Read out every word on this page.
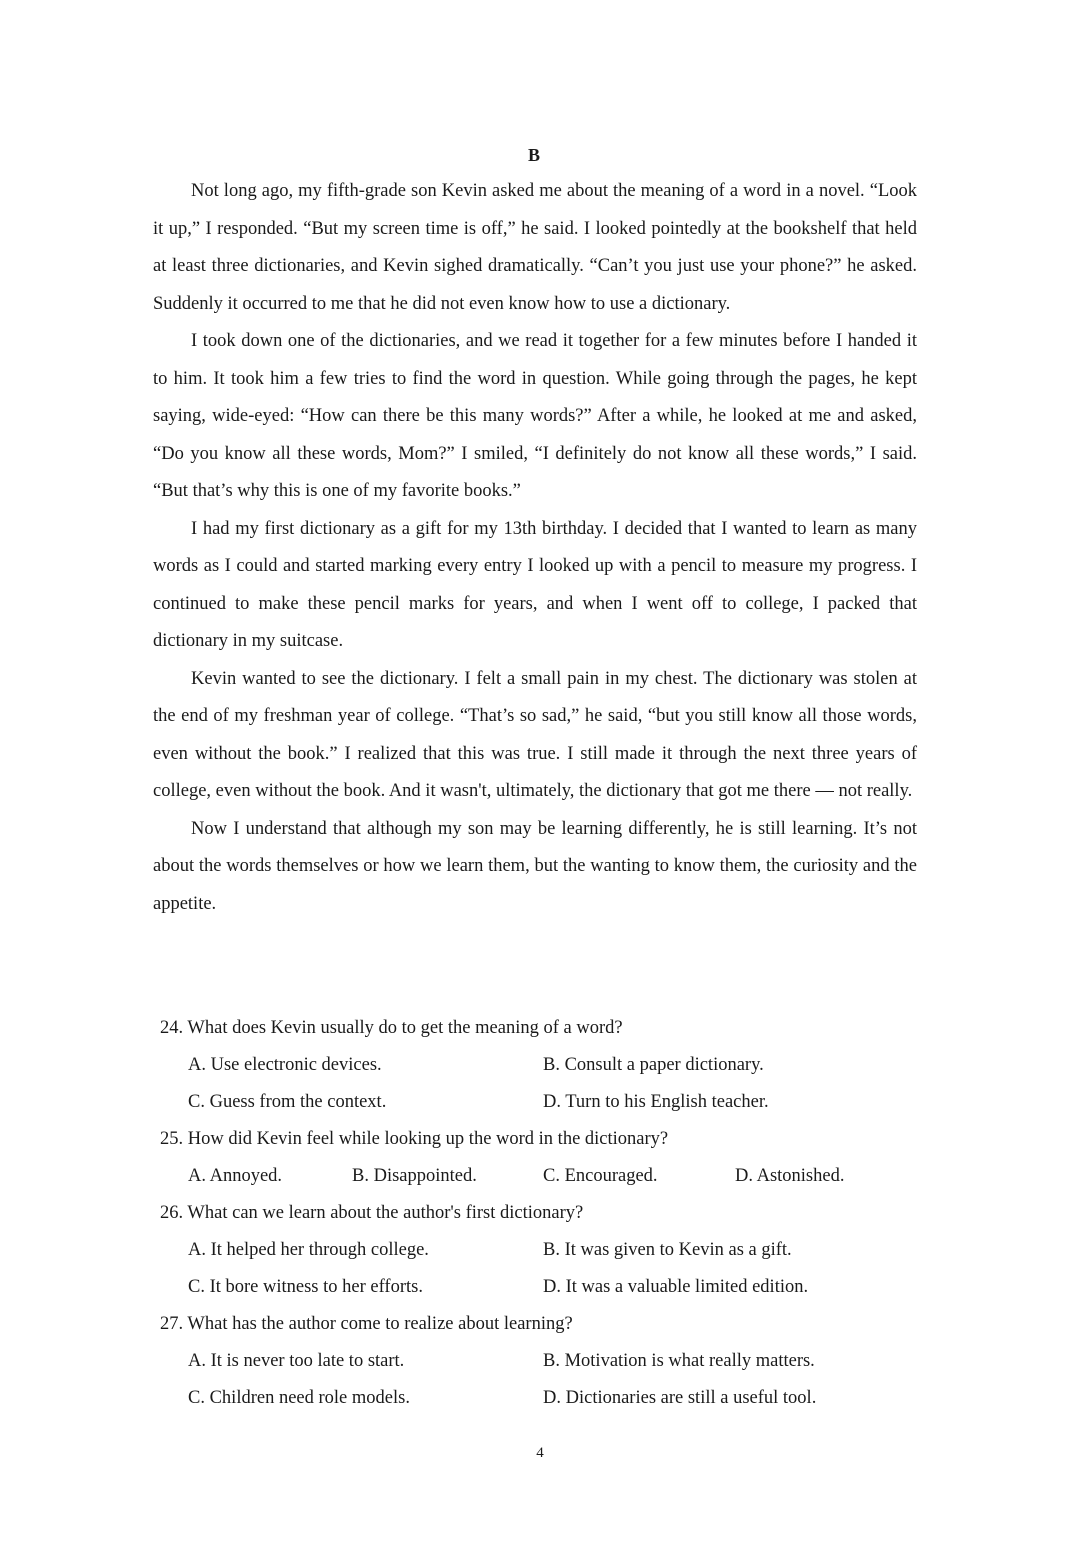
B

Not long ago, my fifth-grade son Kevin asked me about the meaning of a word in a novel. “Look it up,” I responded. “But my screen time is off,” he said. I looked pointedly at the bookshelf that held at least three dictionaries, and Kevin sighed dramatically. “Can’t you just use your phone?” he asked. Suddenly it occurred to me that he did not even know how to use a dictionary.

I took down one of the dictionaries, and we read it together for a few minutes before I handed it to him. It took him a few tries to find the word in question. While going through the pages, he kept saying, wide-eyed: “How can there be this many words?” After a while, he looked at me and asked, “Do you know all these words, Mom?” I smiled, “I definitely do not know all these words,” I said. “But that’s why this is one of my favorite books.”

I had my first dictionary as a gift for my 13th birthday. I decided that I wanted to learn as many words as I could and started marking every entry I looked up with a pencil to measure my progress. I continued to make these pencil marks for years, and when I went off to college, I packed that dictionary in my suitcase.

Kevin wanted to see the dictionary. I felt a small pain in my chest. The dictionary was stolen at the end of my freshman year of college. “That’s so sad,” he said, “but you still know all those words, even without the book.” I realized that this was true. I still made it through the next three years of college, even without the book. And it wasn't, ultimately, the dictionary that got me there — not really.

Now I understand that although my son may be learning differently, he is still learning. It’s not about the words themselves or how we learn them, but the wanting to know them, the curiosity and the appetite.

24. What does Kevin usually do to get the meaning of a word?
A. Use electronic devices.	B. Consult a paper dictionary.
C. Guess from the context.	D. Turn to his English teacher.
25. How did Kevin feel while looking up the word in the dictionary?
A. Annoyed.	B. Disappointed.	C. Encouraged.	D. Astonished.
26. What can we learn about the author's first dictionary?
A. It helped her through college.	B. It was given to Kevin as a gift.
C. It bore witness to her efforts.	D. It was a valuable limited edition.
27. What has the author come to realize about learning?
A. It is never too late to start.	B. Motivation is what really matters.
C. Children need role models.	D. Dictionaries are still a useful tool.
4
